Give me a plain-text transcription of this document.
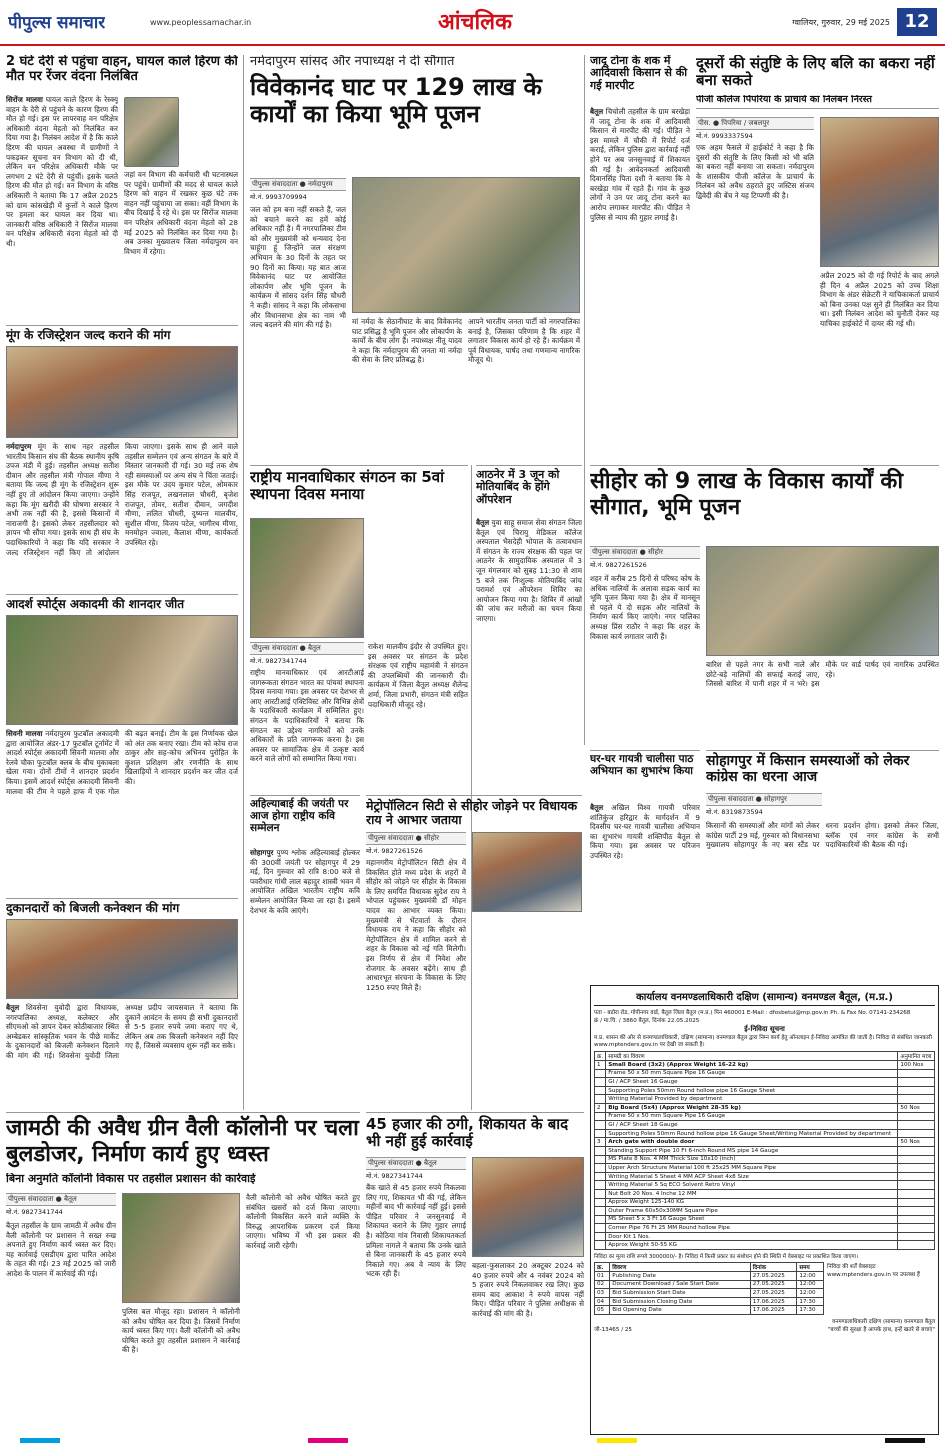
पीपुल्स समाचार	www.peoplessamachar.in	आंचलिक	ग्वालियर, गुरुवार, 29 मई 2025 12
2 घंटे देरी से पहुंचा वाहन, घायल काले हिरण की मौत पर रेंजर वंदना निलंबित
सिरोंज मालवा घायल काले हिरण के रेस्क्यू वाहन के देरी से पहुंचने के कारण हिरण की मौत हो गई। इस पर लापरवाह वन परिक्षेत्र अधिकारी वंदना मेहतो को निलंबित कर दिया गया है। निलंबन आदेश में है कि काले हिरण की घायल अवस्था में ग्रामीणों ने पकड़कर सूचना वन विभाग को दी थी, लेकिन वन परिक्षेत्र अधिकारी मौके पर लगभग 2 घंटे देरी से पहुंचीं। इसके चलते हिरण की मौत हो गई। वन विभाग के वरिष्ठ अधिकारी ने बताया कि 17 अप्रैल 2025 को ग्राम कांसखेड़ी में कुत्तों ने काले हिरण पर हमला कर घायल कर दिया था। जानकारी वरिष्ठ अधिकारी ने सिरोंज मालवा वन परिक्षेत्र अधिकारी वंदना मेहतो को दी थी।
जहां वन विभाग की कर्मचारी थी घटनास्थल पर पहुंचे। ग्रामीणों की मदद से घायल काले हिरण को वाहन में रखकर कुछ घंटे तक वाहन नहीं पहुंचाया जा सका। वहीं विभाग के बीच दिखाई दे रहे थे। इस पर सिरोंज मालवा वन परिक्षेत्र अधिकारी वंदना मेहतो को 28 मई 2025 को निलंबित कर दिया गया है। अब उनका मुख्यालय जिला नर्मदापुरम वन विभाग में रहेगा।
मूंग के रजिस्ट्रेशन जल्द कराने की मांग
नर्मदापुरम मूंग के साथ नहर तहसील भारतीय किसान संघ की बैठक स्थानीय कृषि उपज मंडी में हुई। तहसील अध्यक्ष सतीश दीवान और तहसील मंत्री गोपाल मीणा ने बताया कि जल्द ही मूंग के रजिस्ट्रेशन शुरू नहीं हुए तो आंदोलन किया जाएगा। उन्होंने कहा कि मूंग खरीदी की घोषणा सरकार ने अभी तक नहीं की है, इससे किसानों में नाराजगी है। इसको लेकर तहसीलदार को ज्ञापन भी सौंपा गया। इसके साथ ही संघ के पदाधिकारियों ने कहा कि यदि सरकार ने जल्द रजिस्ट्रेशन नहीं किए तो आंदोलन किया जाएगा। इसके साथ ही आने वाले तहसील सम्मेलन एवं अन्य संगठन के बारे में विस्तार जानकारी दी गई। 30 मई तक शेष रही समस्याओं पर अन्य संघ ने चिंता जताई। इस मौके पर उदय कुमार पटेल, ओमकार सिंह राजपूत, लखनलाल चौधरी, बृजेश राजपूत, तोमर, सतीश दीवान, जगदीश मीणा, ललित चौधरी, दुष्यन्त मालवीय, सुशील मीणा, विजय पटेल, भागीरथ मीणा, मनमोहन ज्वाला, कैलाश मीणा, कार्यकर्ता उपस्थित रहे।
आदर्श स्पोर्ट्स अकादमी की शानदार जीत
सिवनी मालवा नर्मदापुरम फुटबॉल अकादमी द्वारा आयोजित अंडर-17 फुटबॉल टूर्नामेंट में आदर्श स्पोर्ट्स अकादमी सिवनी मालवा और रेलवे चौका फुटबॉल क्लब के बीच मुकाबला खेला गया। दोनों टीमों ने शानदार प्रदर्शन किया। इसमें आदर्श स्पोर्ट्स अकादमी सिवनी मालवा की टीम ने पहले हाफ में एक गोल की बढ़त बनाई। टीम के इस निर्णायक खेल को अंत तक बनाए रखा। टीम को कोच राज ठाकुर और सह-कोच अभिनव पुरोहित के कुशल प्रशिक्षण और रणनीति के साथ खिलाड़ियों ने शानदार प्रदर्शन कर जीत दर्ज की।
दुकानदारों को बिजली कनेक्शन की मांग
बैतूल शिवसेना युवोदी द्वारा विधायक, नगरपालिका अध्यक्ष, कलेक्टर और सीएमओ को ज्ञापन देकर कोठीबाजार स्थित अम्बेडकर सांस्कृतिक भवन के पीछे मार्केट के दुकानदारों को बिजली कनेक्शन दिलाने की मांग की गई। शिवसेना युवोदी जिला अध्यक्ष प्रदीप जायसवाल ने बताया कि दुकानें आवंटन के समय ही सभी दुकानदारों से 5-5 हजार रुपये जमा कराए गए थे, लेकिन अब तक बिजली कनेक्शन नहीं दिए गए हैं, जिससे व्यवसाय शुरू नहीं कर सके।
नर्मदापुरम सांसद और नपाध्यक्ष ने दी सौगात
विवेकानंद घाट पर 129 लाख के कार्यों का किया भूमि पूजन
पीपुल्स संवाददाता ● नर्मदापुरम
मो.नं. 9993709994
जल को हम बना नहीं सकते हैं, जल को बचाने करने का हमें कोई अधिकार नहीं है। मैं नगरपालिका टीम को और मुख्यमंत्री को धन्यवाद देना चाहूंगा हूं जिन्होंने जल संरक्षण अभियान के 30 दिनों के तहत पर 90 दिनों का किया। यह बात आज विवेकानंद घाट पर आयोजित लोकार्पण और भूमि पूजन के कार्यक्रम में सांसद दर्शन सिंह चौधरी ने कही। सांसद ने कहा कि लोकसभा और विधानसभा क्षेत्र का नाम भी जल्द बदलने की मांग की गई है।	मां नर्मदा के सेठानीघाट के बाद विवेकानंद घाट प्रसिद्ध है भूमि पूजन और लोकार्पण के कार्यों के बीच लोग हैं। नपाध्यक्ष नीतू यादव ने कहा कि नर्मदापुरम की जनता मां नर्मदा की सेवा के लिए प्रतिबद्ध है।
आपने भारतीय जनता पार्टी को नगरपालिका बनाई है, जिसका परिणाम है कि शहर में लगातार विकास कार्य हो रहे हैं। कार्यक्रम में पूर्व विधायक, पार्षद तथा गणमान्य नागरिक मौजूद थे।
जादू टोना के शक में आदिवासी किसान से की गई मारपीट
बैतूल चिचोली तहसील के ग्राम बरखेड़ा में जादू टोना के शक में आदिवासी किसान से मारपीट की गई। पीड़ित ने इस मामले में चौकी में रिपोर्ट दर्ज कराई, लेकिन पुलिस द्वारा कार्रवाई नहीं होने पर अब जनसुनवाई में शिकायत की गई है। आवेदनकर्ता आदिवासी दिवानसिंह पिता दशी ने बताया कि वे बरखेड़ा गांव में रहते हैं। गांव के कुछ लोगों ने उन पर जादू टोना करने का आरोप लगाकर मारपीट की। पीड़ित ने पुलिस से न्याय की गुहार लगाई है।
दूसरों की संतुष्टि के लिए बलि का बकरा नहीं बना सकते
पीजी कॉलेज पिपरिया के प्राचार्य का निलंबन निरस्त
पीस. ● पिपरिया / जबलपुर
मो.नं. 9993337594
एक अहम फैसले में हाईकोर्ट ने कहा है कि दूसरों की संतुष्टि के लिए किसी को भी बलि का बकरा नहीं बनाया जा सकता। नर्मदापुरम के शासकीय पीजी कॉलेज के प्राचार्य के निलंबन को अवैध ठहराते हुए जस्टिस संजय द्विवेदी की बेंच ने यह टिप्पणी की है।
अप्रैल 2025 को दी गई रिपोर्ट के बाद अगले ही दिन 4 अप्रैल 2025 को उच्च शिक्षा विभाग के अंडर सेक्रेटरी ने याचिकाकर्ता प्राचार्य को बिना उनका पक्ष सुने ही निलंबित कर दिया था। इसी निलंबन आदेश को चुनौती देकर यह याचिका हाईकोर्ट में दायर की गई थी।
राष्ट्रीय मानवाधिकार संगठन का 5वां स्थापना दिवस मनाया
पीपुल्स संवाददाता ● बैतूल
मो.नं. 9827341744
राष्ट्रीय मानवाधिकार एवं आरटीआई जागरूकता संगठन भारत का पांचवां स्थापना दिवस मनाया गया। इस अवसर पर देशभर से आए आरटीआई एक्टिविस्ट और विभिन्न क्षेत्रों के पदाधिकारी कार्यक्रम में सम्मिलित हुए। संगठन के पदाधिकारियों ने बताया कि संगठन का उद्देश्य नागरिकों को उनके अधिकारों के प्रति जागरूक करना है। इस अवसर पर सामाजिक क्षेत्र में उत्कृष्ट कार्य करने वाले लोगों को सम्मानित किया गया।
राकेश मालवीय इंदौर से उपस्थित हुए। इस अवसर पर संगठन के प्रदेश संरक्षक एवं राष्ट्रीय महामंत्री ने संगठन की उपलब्धियों की जानकारी दी। कार्यक्रम में जिला बैतूल अध्यक्ष शैलेन्द्र शर्मा, जिला प्रभारी, संगठन मंत्री सहित पदाधिकारी मौजूद रहे।
आठनेर में 3 जून को मोतियाबिंद के होंगे ऑपरेशन
बैतूल युवा साहू समाज सेवा संगठन जिला बैतूल एवं चिरायु मेडिकल कॉलेज अस्पताल भैसदेही भोपाल के तत्वावधान में संगठन के राज्य संरक्षक की पहल पर आठनेर के सामुदायिक अस्पताल में 3 जून मंगलवार को सुबह 11:30 से शाम 5 बजे तक निःशुल्क मोतियाबिंद जांच परामर्श एवं ऑपरेशन शिविर का आयोजन किया गया है। शिविर में आंखों की जांच कर मरीजों का चयन किया जाएगा।
सीहोर को 9 लाख के विकास कार्यों की सौगात, भूमि पूजन
पीपुल्स संवाददाता ● सीहोर
मो.नं. 9827261526
शहर में करीब 25 दिनों से परिषद कोष के अधिक नालियों के अलावा सड़क कार्य का भूमि पूजन किया गया है। क्षेत्र में मानसून से पहले ये दो सड़क और नालियों के निर्माण कार्य किए जाएंगे। नगर पालिका अध्यक्ष प्रिंस राठौर ने कहा कि शहर के विकास कार्य लगातार जारी हैं।
बारिश से पहले नगर के सभी नाले और छोटे-बड़े नालियों की सफाई कराई जाए, जिससे बारिश में पानी शहर में न भरे। इस मौके पर वार्ड पार्षद एवं नागरिक उपस्थित रहे।
अहिल्याबाई की जयंती पर आज होगा राष्ट्रीय कवि सम्मेलन
सोहागपुर पुण्य श्लोक अहिल्याबाई होल्कर की 300वीं जयंती पर सोहागपुर में 29 मई, दिन गुरुवार को रात्रि 8:00 बजे से पवरीधार गांधी लाल बहादुर शास्त्री भवन में आयोजित अखिल भारतीय राष्ट्रीय कवि सम्मेलन आयोजित किया जा रहा है। इसमें देशभर के कवि आएंगे।
मेट्रोपॉलिटन सिटी से सीहोर जोड़ने पर विधायक राय ने आभार जताया
पीपुल्स संवाददाता ● सीहोर
मो.नं. 9827261526
महानगरीय मेट्रोपॉलिटन सिटी क्षेत्र में विकसित होते मध्य प्रदेश के शहरों में सीहोर को जोड़ने पर सीहोर के विकास के लिए समर्पित विधायक सुदेश राय ने भोपाल पहुंचकर मुख्यमंत्री डॉ मोहन यादव का आभार व्यक्त किया। मुख्यमंत्री से भेंटवार्ता के दौरान विधायक राय ने कहा कि सीहोर को मेट्रोपॉलिटन क्षेत्र में शामिल करने से शहर के विकास को नई गति मिलेगी। इस निर्णय से क्षेत्र में निवेश और रोजगार के अवसर बढ़ेंगे। साथ ही आधारभूत संरचना के विकास के लिए 1250 रुपए मिले हैं।
घर-घर गायत्री चालीसा पाठ अभियान का शुभारंभ किया
बैतूल अखिल विश्व गायत्री परिवार शांतिकुंज हरिद्वार के मार्गदर्शन में 9 दिवसीय घर-घर गायत्री चालीसा अभियान का शुभारंभ गायत्री शक्तिपीठ बैतूल से किया गया। इस अवसर पर परिजन उपस्थित रहे।
सोहागपुर में किसान समस्याओं को लेकर कांग्रेस का धरना आज
पीपुल्स संवाददाता ● सोहागपुर
मो.नं. 8319873594
किसानों की समस्याओं और मांगों को लेकर कांग्रेस पार्टी 29 मई, गुरुवार को विधानसभा मुख्यालय सोहागपुर के नए बस स्टैंड पर धरना प्रदर्शन होगा। इसको लेकर जिला, ब्लॉक एवं नगर कांग्रेस के सभी पदाधिकारियों की बैठक की गई।
कार्यालय वनमण्डलाधिकारी दक्षिण (सामान्य) वनमण्डल बैतूल, (म.प्र.)
पता - बडोरा रोड, गोपीनगर वार्ड, बैतूल जिला बैतूल (म.प्र.) पिन 460001 E-Mail : dfosbetul@mp.gov.in Ph. & Fax No. 07141-234268
क्रं / मा.चि. / 3860 बैतूल, दिनांक 22.05.2025
ई-निविदा सूचना
म.प्र. शासन की ओर से वनमण्डलाधिकारी, दक्षिण (सामान्य) वनमण्डल बैतूल द्वारा निम्न कार्य हेतु ऑनलाइन ई-निविदा आमंत्रित की जाती है। निविदा से संबंधित जानकारी www.mptenders.gov.in पर देखी जा सकती है।
क्र.	सामग्री का विवरण	अनुमानित मात्रा
1	Small Board (3x2) (Approx Weight 16-22 kg)	100 Nos
	Frame 50 x 50 mm Square Pipe 16 Gauge	
	GI / ACP Sheet 16 Gauge	
	Supporting Poles 50mm Round hollow pipe 16 Gauge Sheet	
	Writing Material Provided by department	
2	Big Board (5x4) (Approx Weight 28-35 kg)	50 Nos
	Frame 50 x 50 mm Square Pipe 16 Gauge	
	GI / ACP Sheet 18 Gauge	
	Supporting Poles 50mm Round hollow pipe 16 Gauge Sheet/Writing Material Provided by department	
3	Arch gate with double door	50 Nos
	Standing Support Pipe 10 Ft 6-inch Round MS pipe 14 Gauge	
	MS Plate 8 Nos. 4 MM Thick Size 10x10 (inch)	
	Upper Arch Structure Material 100 ft 25x25 MM Square Pipe	
	Writing Material 5 Sheet 4 MM ACP Sheet 4x8 Size	
	Writing Material 5 Sq ECO Solvent Retro Vinyl	
	Nut Bolt 20 Nos. 4 Inche 12 MM	
	Approx Weight 125-140 KG	
	Outer Frame 60x50x30MM Square Pipe	
	MS Sheet 5 x 3 Ft 16 Gauge Sheet	
	Corner Pipe 76 Ft 25 MM Round hollow Pipe	
	Door Kit 1 Nos.	
	Approx Weight 50-55 KG	
निविदा का मूल्य राशि रूपये 3000000/- है। निविदा में किसी प्रकार का संशोधन होने की स्थिति में वेबसाइट पर प्रकाशित किया जाएगा।
क्र.	विवरण	दिनांक	समय
01	Publishing Date	27.05.2025	12:00
02	Document Download / Sale Start Date	27.05.2025	12:00
03	Bid Submission Start Date	27.05.2025	12:00
04	Bid Submission Closing Date	17.06.2025	17:30
05	Bid Opening Date	17.06.2025	17:30
निविदा की शर्तें वेबसाइट www.mptenders.gov.in पर उपलब्ध हैं
वनमण्डलाधिकारी दक्षिण (सामान्य) वनमण्डल बैतूल
जी-13465 / 25	"बच्चों की सुरक्षा है आपके हाथ, इन्हें खतरे से बचाएं"
45 हजार की ठगी, शिकायत के बाद भी नहीं हुई कार्रवाई
पीपुल्स संवाददाता ● बैतूल
मो.नं. 9827341744
बैंक खाते से 45 हजार रुपये निकलवा लिए गए, शिकायत भी की गई, लेकिन महीनों बाद भी कार्रवाई नहीं हुई। इससे पीड़ित परिवार ने जनसुनवाई में शिकायत कराने के लिए गुहार लगाई है। कोठिया गांव निवासी शिकायतकर्ता प्रमिला नागले ने बताया कि उनके खाते से बिना जानकारी के 45 हजार रुपये निकाले गए। अब वे न्याय के लिए भटक रही हैं।
बहला-फुसलाकर 20 अक्टूबर 2024 को 40 हजार रुपये और 4 नवंबर 2024 को 5 हजार रुपये निकलवाकर रख लिए। कुछ समय बाद आकाश ने रुपये वापस नहीं किए। पीड़ित परिवार ने पुलिस अधीक्षक से कार्रवाई की मांग की है।
जामठी की अवैध ग्रीन वैली कॉलोनी पर चला बुलडोजर, निर्माण कार्य हुए ध्वस्त
बिना अनुमति कॉलोनी विकास पर तहसील प्रशासन की कार्रवाई
पीपुल्स संवाददाता ● बैतूल
मो.नं. 9827341744
बैतूल तहसील के ग्राम जामठी में अवैध ग्रीन वैली कॉलोनी पर प्रशासन ने सख्त रुख अपनाते हुए निर्माण कार्य ध्वस्त कर दिए। यह कार्रवाई एसडीएम द्वारा पारित आदेश के तहत की गई। 23 मई 2025 को जारी आदेश के पालन में कार्रवाई की गई।
पुलिस बल मौजूद रहा। प्रशासन ने कॉलोनी को अवैध घोषित कर दिया है। जिसमें निर्माण कार्य ध्वस्त किए गए। वैली कॉलोनी को अवैध घोषित करते हुए तहसील प्रशासन ने कार्रवाई की है।
वैली कॉलोनी को अवैध घोषित करते हुए संबंधित खसरों को दर्ज किया जाएगा। कॉलोनी विकसित करने वाले व्यक्ति के विरुद्ध आपराधिक प्रकरण दर्ज किया जाएगा। भविष्य में भी इस प्रकार की कार्रवाई जारी रहेगी।
